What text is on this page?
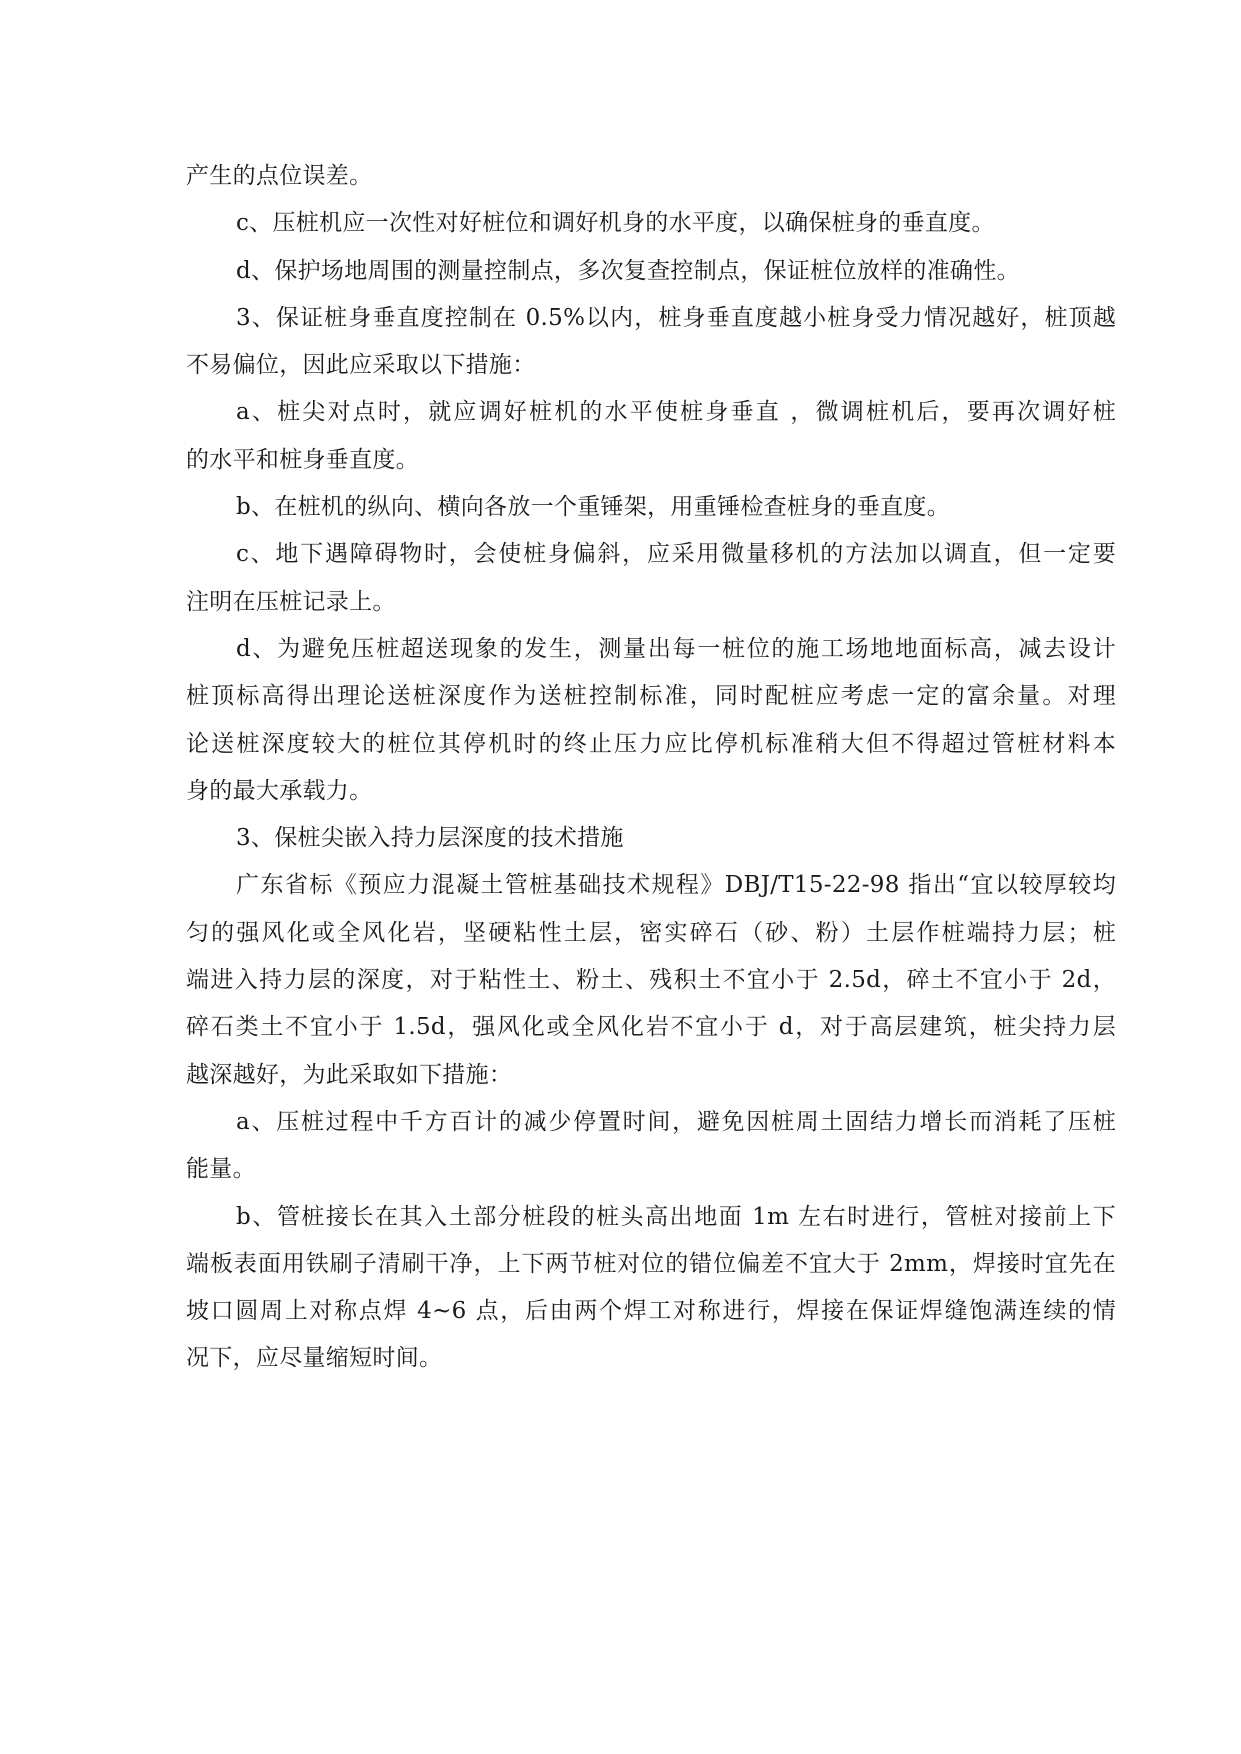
产生的点位误差。
c、压桩机应一次性对好桩位和调好机身的水平度，以确保桩身的垂直度。
d、保护场地周围的测量控制点，多次复查控制点，保证桩位放样的准确性。
3、保证桩身垂直度控制在 0.5%以内，桩身垂直度越小桩身受力情况越好，桩顶越
不易偏位，因此应采取以下措施：
a、桩尖对点时，就应调好桩机的水平使桩身垂直 ，微调桩机后，要再次调好桩
的水平和桩身垂直度。
b、在桩机的纵向、横向各放一个重锤架，用重锤检查桩身的垂直度。
c、地下遇障碍物时，会使桩身偏斜，应采用微量移机的方法加以调直，但一定要
注明在压桩记录上。
d、为避免压桩超送现象的发生，测量出每一桩位的施工场地地面标高，减去设计
桩顶标高得出理论送桩深度作为送桩控制标准，同时配桩应考虑一定的富余量。对理
论送桩深度较大的桩位其停机时的终止压力应比停机标准稍大但不得超过管桩材料本
身的最大承载力。
3、保桩尖嵌入持力层深度的技术措施
广东省标《预应力混凝土管桩基础技术规程》DBJ/T15-22-98 指出“宜以较厚较均
匀的强风化或全风化岩，坚硬粘性土层，密实碎石（砂、粉）土层作桩端持力层；桩
端进入持力层的深度，对于粘性土、粉土、残积土不宜小于 2.5d，碎土不宜小于 2d，
碎石类土不宜小于 1.5d，强风化或全风化岩不宜小于 d，对于高层建筑，桩尖持力层
越深越好，为此采取如下措施：
a、压桩过程中千方百计的减少停置时间，避免因桩周土固结力增长而消耗了压桩
能量。
b、管桩接长在其入土部分桩段的桩头高出地面 1m 左右时进行，管桩对接前上下
端板表面用铁刷子清刷干净，上下两节桩对位的错位偏差不宜大于 2mm，焊接时宜先在
坡口圆周上对称点焊 4~6 点，后由两个焊工对称进行，焊接在保证焊缝饱满连续的情
况下，应尽量缩短时间。
